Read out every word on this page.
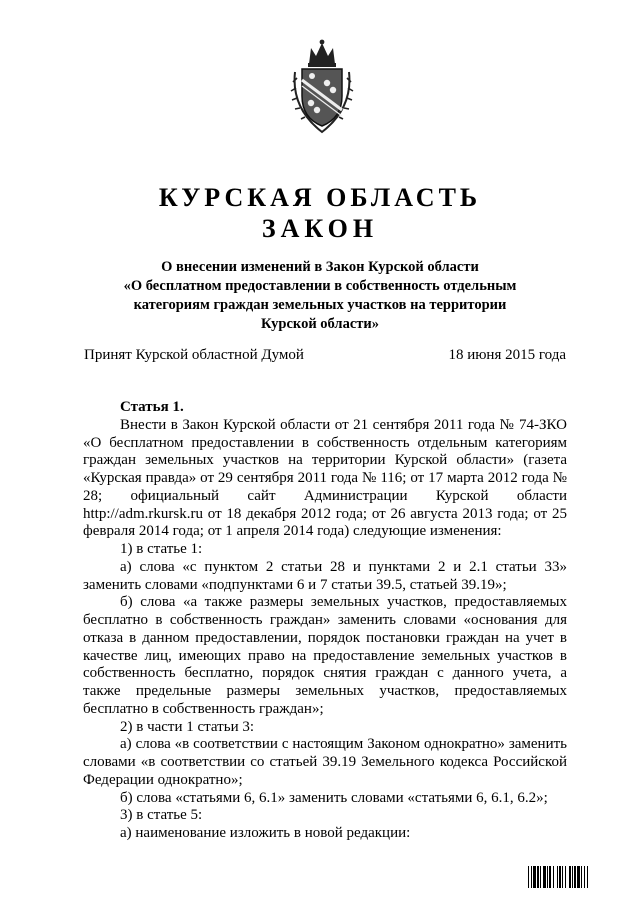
КУРСКАЯ ОБЛАСТЬ
ЗАКОН
О внесении изменений в Закон Курской области
«О бесплатном предоставлении в собственность отдельным
категориям граждан земельных участков на территории
Курской области»
Принят Курской областной Думой	18 июня 2015 года

Статья 1.

Внести в Закон Курской области от 21 сентября 2011 года № 74-ЗКО «О бесплатном предоставлении в собственность отдельным категориям граждан земельных участков на территории Курской области» (газета «Курская правда» от 29 сентября 2011 года № 116; от 17 марта 2012 года № 28; официальный сайт Администрации Курской области http://adm.rkursk.ru от 18 декабря 2012 года; от 26 августа 2013 года; от 25 февраля 2014 года; от 1 апреля 2014 года) следующие изменения:

1) в статье 1:

а) слова «с пунктом 2 статьи 28 и пунктами 2 и 2.1 статьи 33» заменить словами «подпунктами 6 и 7 статьи 39.5, статьей 39.19»;

б) слова «а также размеры земельных участков, предоставляемых бесплатно в собственность граждан» заменить словами «основания для отказа в данном предоставлении, порядок постановки граждан на учет в качестве лиц, имеющих право на предоставление земельных участков в собственность бесплатно, порядок снятия граждан с данного учета, а также предельные размеры земельных участков, предоставляемых бесплатно в собственность граждан»;

2) в части 1 статьи 3:

а) слова «в соответствии с настоящим Законом однократно» заменить словами «в соответствии со статьей 39.19 Земельного кодекса Российской Федерации однократно»;

б) слова «статьями 6, 6.1» заменить словами «статьями 6, 6.1, 6.2»;

3) в статье 5:

а) наименование изложить в новой редакции:
